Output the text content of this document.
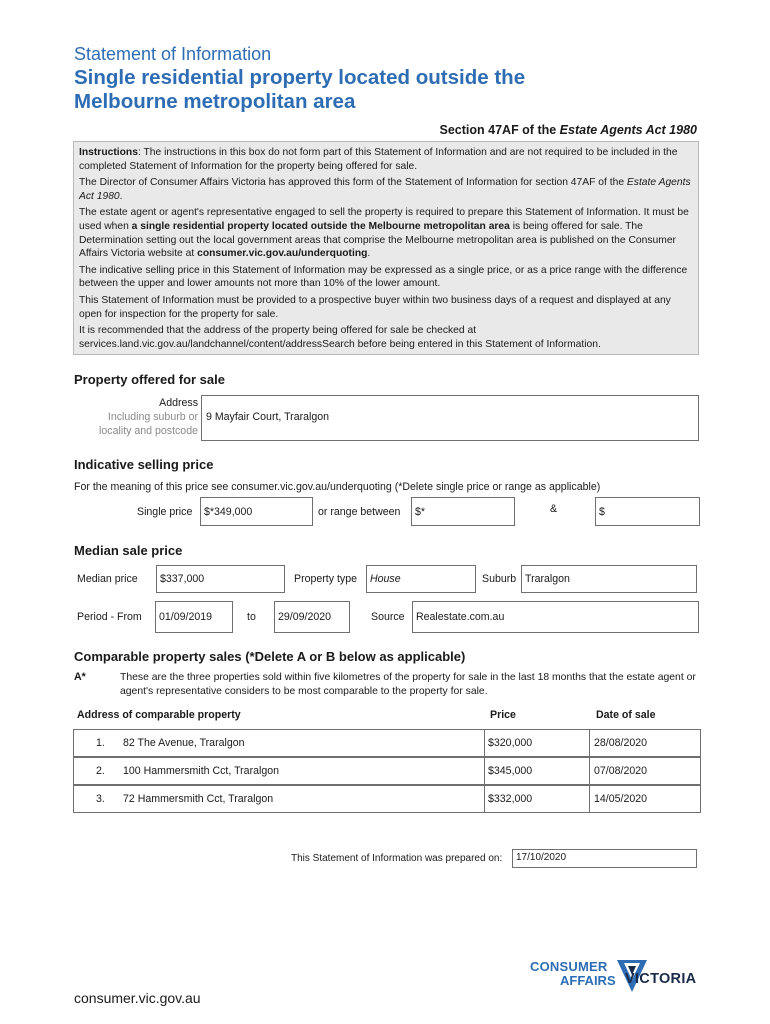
Statement of Information
Single residential property located outside the
Melbourne metropolitan area
Section 47AF of the Estate Agents Act 1980

Instructions: The instructions in this box do not form part of this Statement of Information and are not required to be included in the completed Statement of Information for the property being offered for sale.

The Director of Consumer Affairs Victoria has approved this form of the Statement of Information for section 47AF of the Estate Agents Act 1980.

The estate agent or agent's representative engaged to sell the property is required to prepare this Statement of Information. It must be used when a single residential property located outside the Melbourne metropolitan area is being offered for sale. The Determination setting out the local government areas that comprise the Melbourne metropolitan area is published on the Consumer Affairs Victoria website at consumer.vic.gov.au/underquoting.

The indicative selling price in this Statement of Information may be expressed as a single price, or as a price range with the difference between the upper and lower amounts not more than 10% of the lower amount.

This Statement of Information must be provided to a prospective buyer within two business days of a request and displayed at any open for inspection for the property for sale.

It is recommended that the address of the property being offered for sale be checked at services.land.vic.gov.au/landchannel/content/addressSearch before being entered in this Statement of Information.

Property offered for sale
Address
Including suburb or
locality and postcode
9 Mayfair Court, Traralgon
Indicative selling price
For the meaning of this price see consumer.vic.gov.au/underquoting (*Delete single price or range as applicable)
Single price	$*349,000	or range between	$*	&	$
Median sale price
Median price	$337,000	Property type	House	Suburb Traralgon
Period - From	01/09/2019	to	29/09/2020	Source	Realestate.com.au
Comparable property sales (*Delete A or B below as applicable)
A*	These are the three properties sold within five kilometres of the property for sale in the last 18 months that the estate agent or agent's representative considers to be most comparable to the property for sale.
Address of comparable property	Price	Date of sale
1. 82 The Avenue, Traralgon	$320,000	28/08/2020
2. 100 Hammersmith Cct, Traralgon	$345,000	07/08/2020
3. 72 Hammersmith Cct, Traralgon	$332,000	14/05/2020
This Statement of Information was prepared on:	17/10/2020
CONSUMER
AFFAIRS VICTORIA
consumer.vic.gov.au
